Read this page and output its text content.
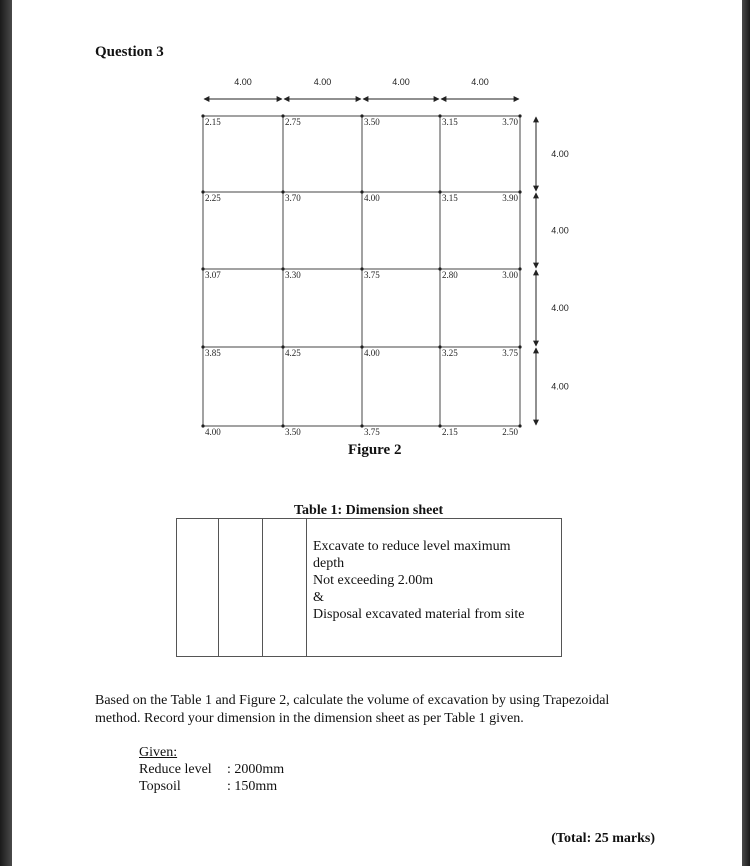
Question 3
4.00	4.00	4.00	4.00
4.00
4.00
4.00
4.00
2.15	2.75	3.50	3.15	3.70
2.25	3.70	4.00	3.15	3.90
3.07	3.30	3.75	2.80	3.00
3.85	4.25	4.00	3.25	3.75
4.00	3.50	3.75	2.15	2.50
Figure 2
Table 1: Dimension sheet
Excavate to reduce level maximum
depth
Not exceeding 2.00m
&
Disposal excavated material from site
Based on the Table 1 and Figure 2, calculate the volume of excavation by using Trapezoidal method. Record your dimension in the dimension sheet as per Table 1 given.
Given:
Reduce level	: 2000mm
Topsoil	: 150mm
(Total: 25 marks)
